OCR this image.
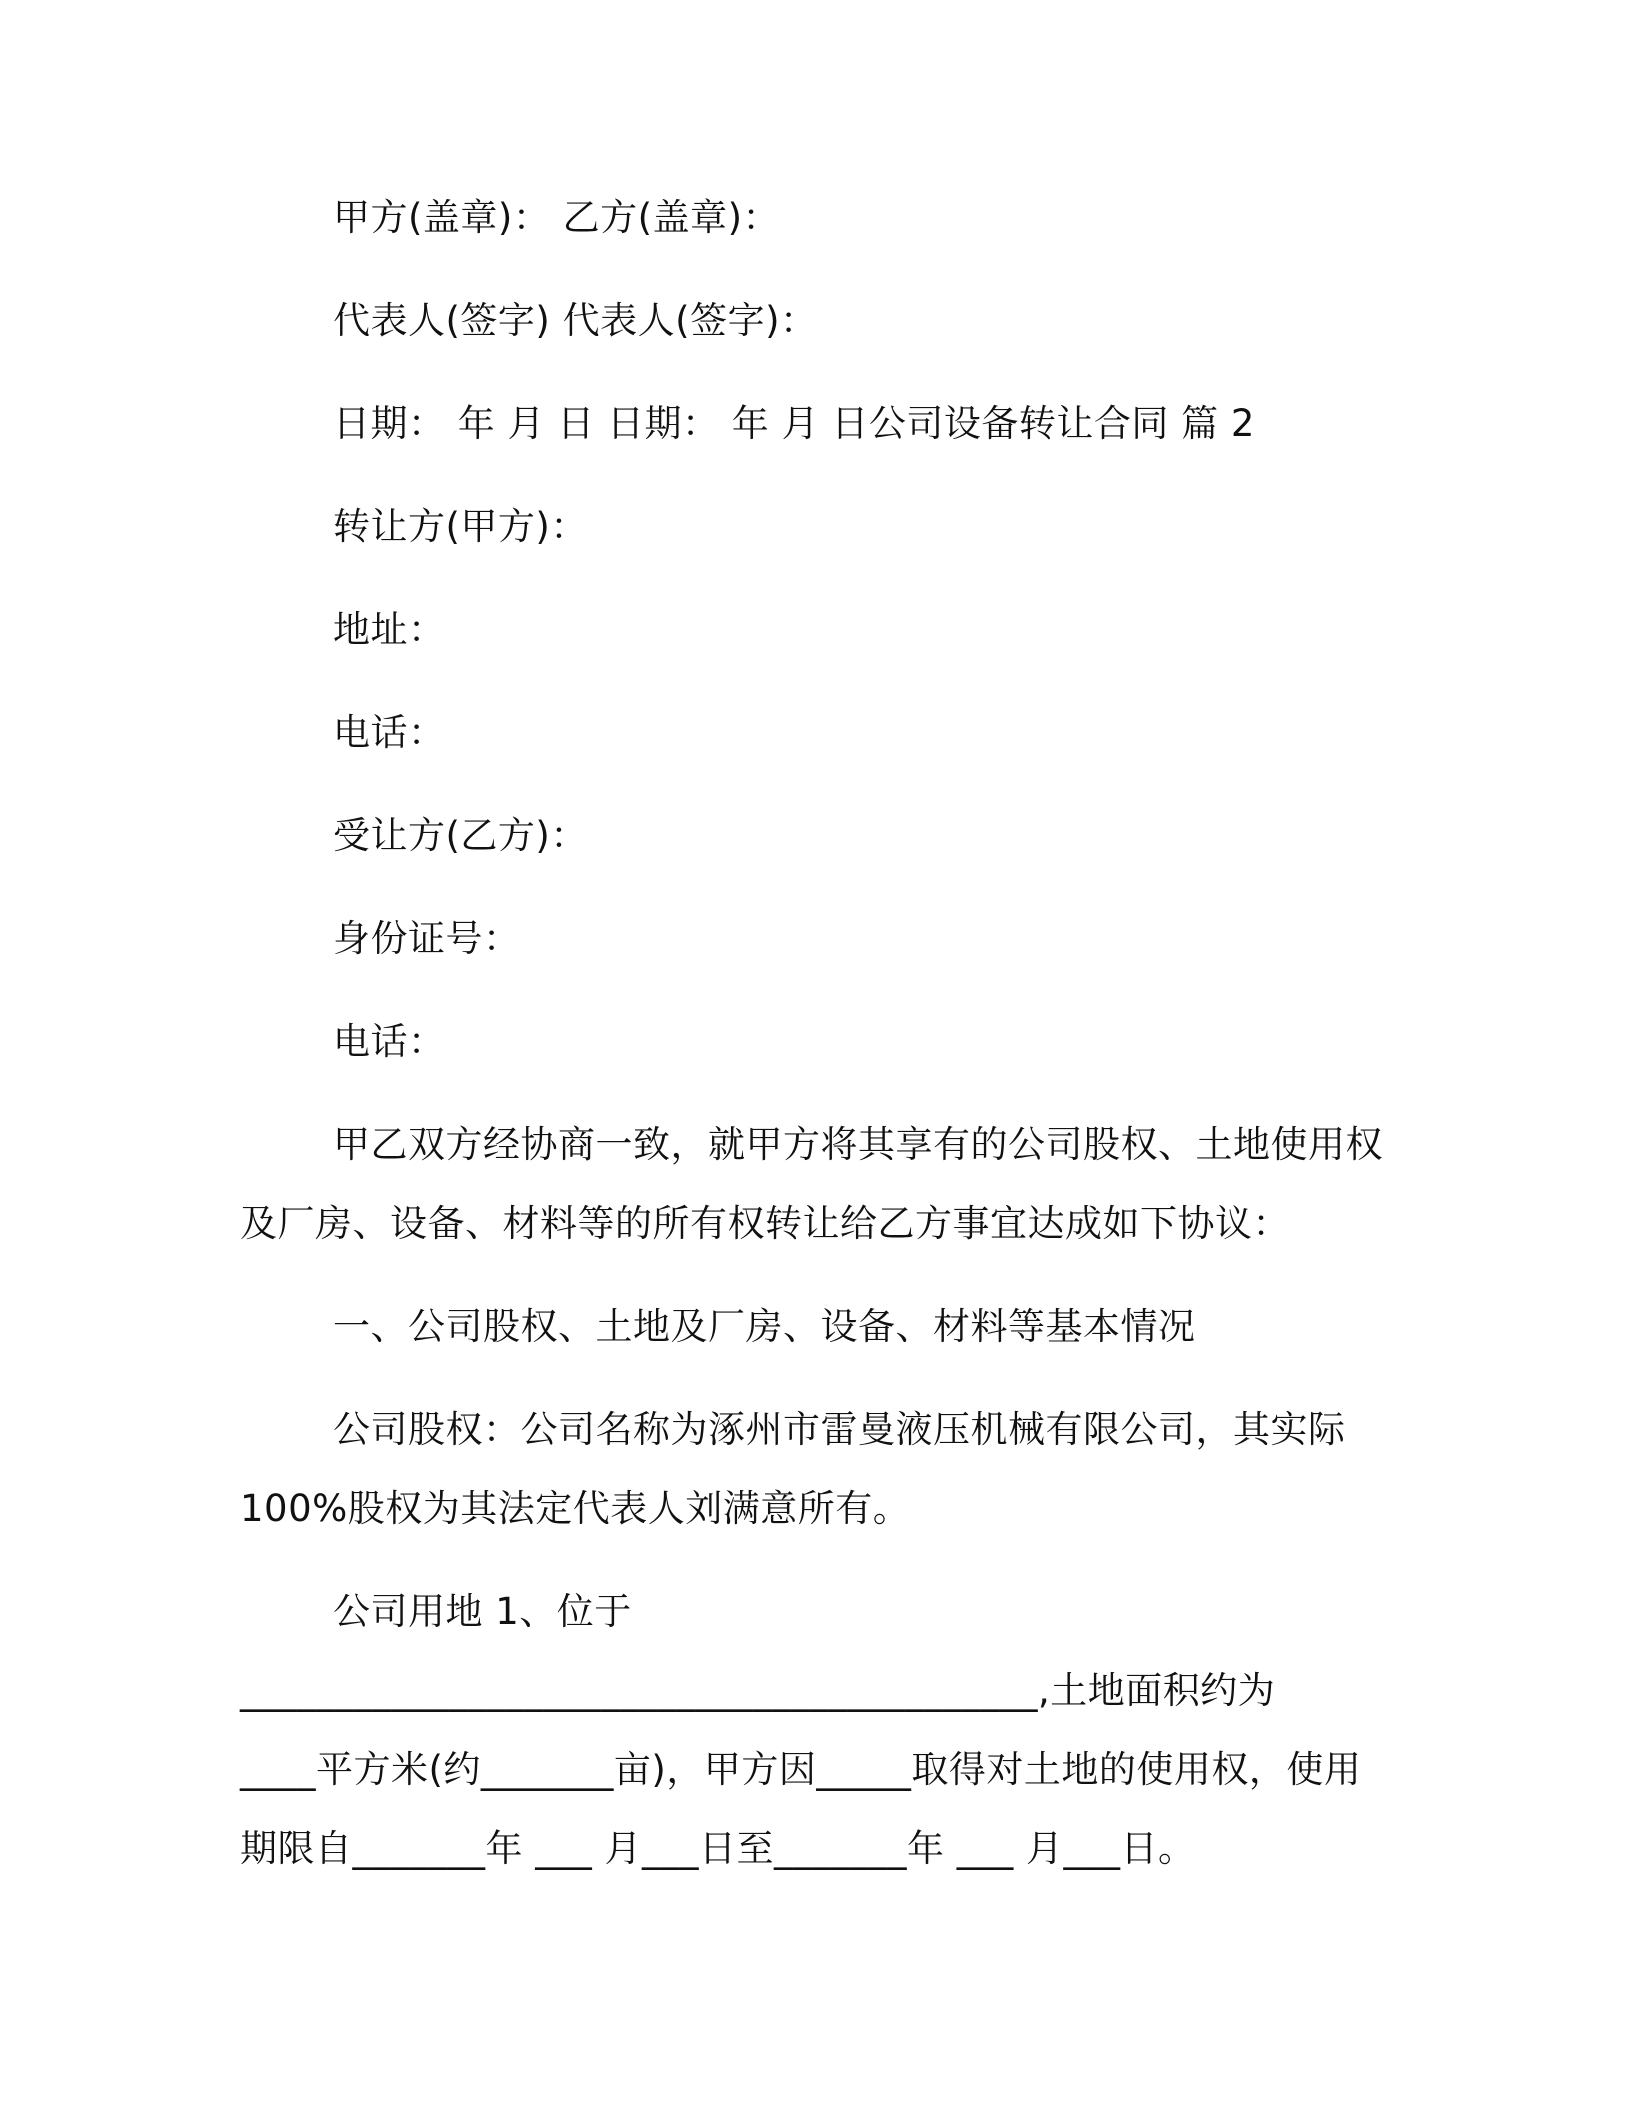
甲方(盖章)： 乙方(盖章)：

代表人(签字) 代表人(签字)：

日期： 年 月 日 日期： 年 月 日公司设备转让合同 篇 2

转让方(甲方)：

地址：

电话：

受让方(乙方)：

身份证号：

电话：

甲乙双方经协商一致，就甲方将其享有的公司股权、土地使用权

及厂房、设备、材料等的所有权转让给乙方事宜达成如下协议：

一、公司股权、土地及厂房、设备、材料等基本情况

公司股权：公司名称为涿州市雷曼液压机械有限公司，其实际

100%股权为其法定代表人刘满意所有。

公司用地 1、位于

__________________________________________,土地面积约为

____平方米(约_______亩)，甲方因_____取得对土地的使用权，使用

期限自_______年 ___ 月___日至_______年 ___ 月___日。
